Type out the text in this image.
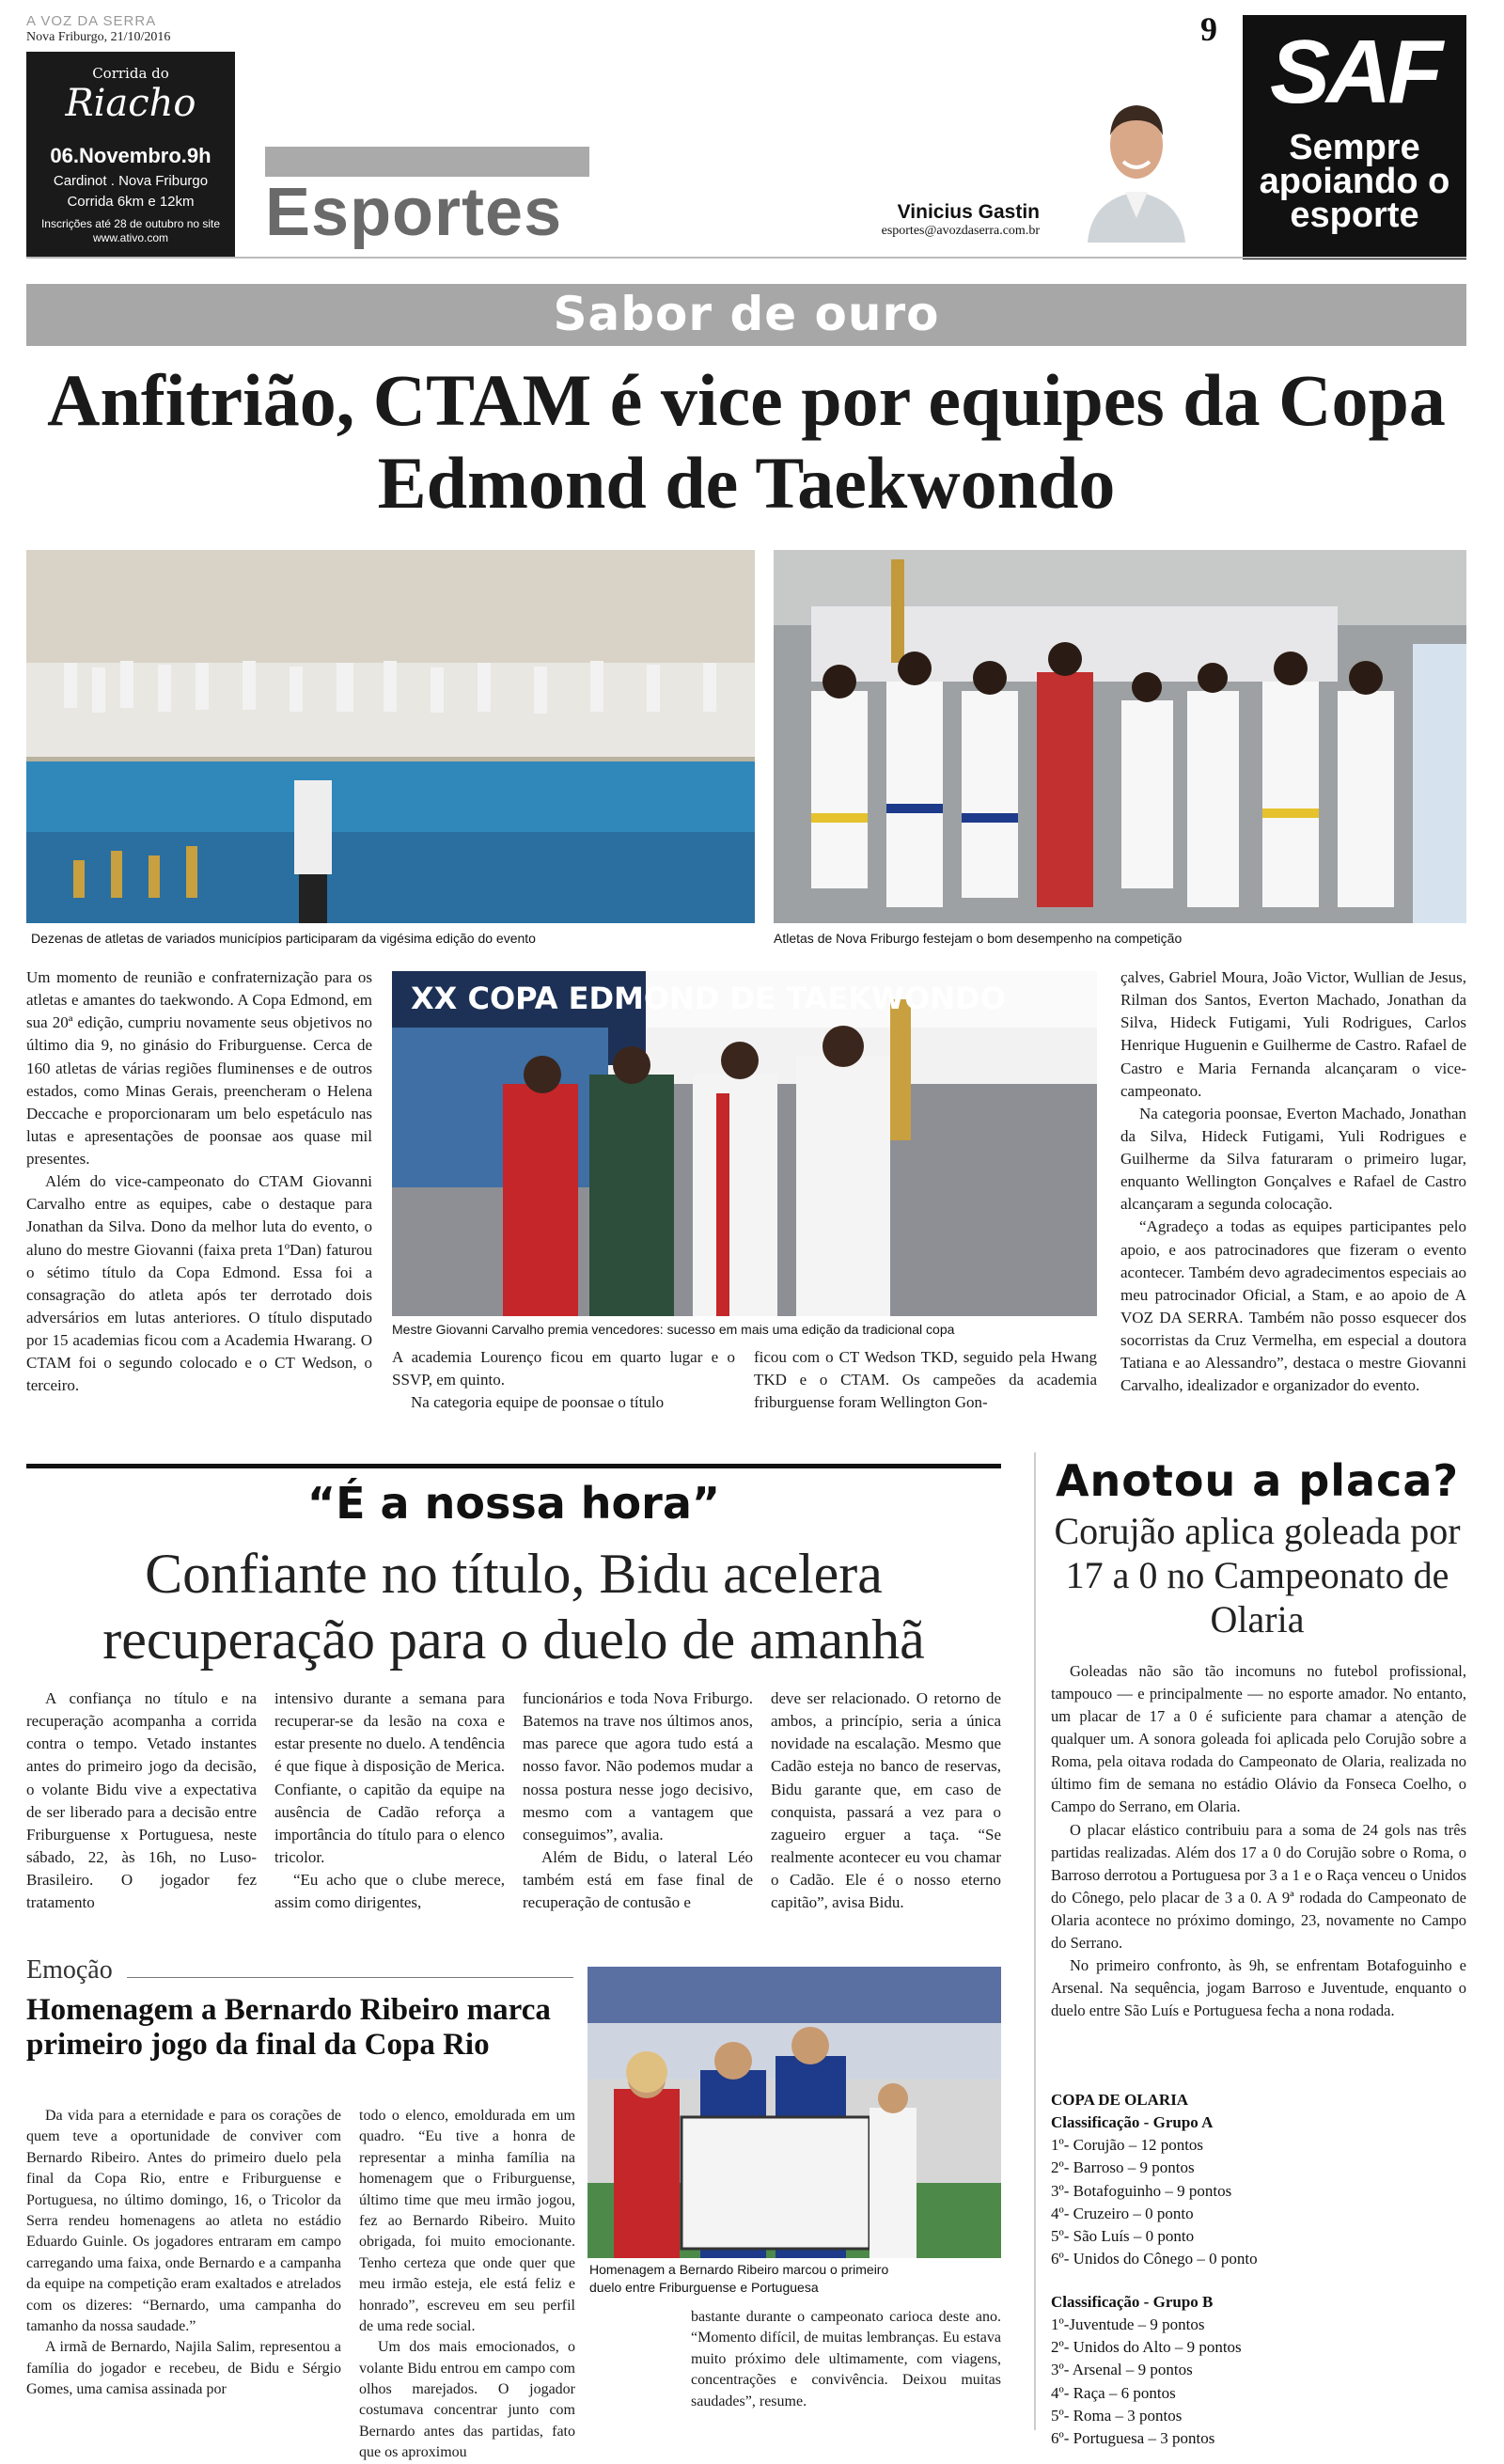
A VOZ DA SERRA
Nova Friburgo, 21/10/2016	9
Corrida do
Riacho
06.Novembro.9h
Cardinot . Nova Friburgo
Corrida 6km e 12km
Inscrições até 28 de outubro no site www.ativo.com	Esportes	Vinicius Gastin
esportes@avozdaserra.com.br
SAF
Sempre apoiando o esporte
Sabor de ouro
Anfitrião, CTAM é vice por equipes da Copa Edmond de Taekwondo
Dezenas de atletas de variados municípios participaram da vigésima edição do evento	Atletas de Nova Friburgo festejam o bom desempenho na competição

Um momento de reunião e confraternização para os atletas e amantes do taekwondo. A Copa Edmond, em sua 20ª edição, cumpriu novamente seus objetivos no último dia 9, no ginásio do Friburguense. Cerca de 160 atletas de várias regiões fluminenses e de outros estados, como Minas Gerais, preencheram o Helena Deccache e proporcionaram um belo espetáculo nas lutas e apresentações de poonsae aos quase mil presentes.

Além do vice-campeonato do CTAM Giovanni Carvalho entre as equipes, cabe o destaque para Jonathan da Silva. Dono da melhor luta do evento, o aluno do mestre Giovanni (faixa preta 1ºDan) faturou o sétimo título da Copa Edmond. Essa foi a consagração do atleta após ter derrotado dois adversários em lutas anteriores. O título disputado por 15 academias ficou com a Academia Hwarang. O CTAM foi o segundo colocado e o CT Wedson, o terceiro.

XX COPA EDMOND DE TAEKWONDO
Mestre Giovanni Carvalho premia vencedores: sucesso em mais uma edição da tradicional copa

A academia Lourenço ficou em quarto lugar e o SSVP, em quinto.

Na categoria equipe de poonsae o título

ficou com o CT Wedson TKD, seguido pela Hwang TKD e o CTAM. Os campeões da academia friburguense foram Wellington Gon-

çalves, Gabriel Moura, João Victor, Wullian de Jesus, Rilman dos Santos, Everton Machado, Jonathan da Silva, Hideck Futigami, Yuli Rodrigues, Carlos Henrique Huguenin e Guilherme de Castro. Rafael de Castro e Maria Fernanda alcançaram o vice-campeonato.

Na categoria poonsae, Everton Machado, Jonathan da Silva, Hideck Futigami, Yuli Rodrigues e Guilherme da Silva faturaram o primeiro lugar, enquanto Wellington Gonçalves e Rafael de Castro alcançaram a segunda colocação.

“Agradeço a todas as equipes participantes pelo apoio, e aos patrocinadores que fizeram o evento acontecer. Também devo agradecimentos especiais ao meu patrocinador Oficial, a Stam, e ao apoio de A VOZ DA SERRA. Também não posso esquecer dos socorristas da Cruz Vermelha, em especial a doutora Tatiana e ao Alessandro”, destaca o mestre Giovanni Carvalho, idealizador e organizador do evento.

“É a nossa hora”
Confiante no título, Bidu acelera recuperação para o duelo de amanhã

A confiança no título e na recuperação acompanha a corrida contra o tempo. Vetado instantes antes do primeiro jogo da decisão, o volante Bidu vive a expectativa de ser liberado para a decisão entre Friburguense x Portuguesa, neste sábado, 22, às 16h, no Luso-Brasileiro. O jogador fez tratamento

intensivo durante a semana para recuperar-se da lesão na coxa e estar presente no duelo. A tendência é que fique à disposição de Merica. Confiante, o capitão da equipe na ausência de Cadão reforça a importância do título para o elenco tricolor.

“Eu acho que o clube merece, assim como dirigentes,

funcionários e toda Nova Friburgo. Batemos na trave nos últimos anos, mas parece que agora tudo está a nosso favor. Não podemos mudar a nossa postura nesse jogo decisivo, mesmo com a vantagem que conseguimos”, avalia.

Além de Bidu, o lateral Léo também está em fase final de recuperação de contusão e

deve ser relacionado. O retorno de ambos, a princípio, seria a única novidade na escalação. Mesmo que Cadão esteja no banco de reservas, Bidu garante que, em caso de conquista, passará a vez para o zagueiro erguer a taça. “Se realmente acontecer eu vou chamar o Cadão. Ele é o nosso eterno capitão”, avisa Bidu.

Emoção
Homenagem a Bernardo Ribeiro marca primeiro jogo da final da Copa Rio

Da vida para a eternidade e para os corações de quem teve a oportunidade de conviver com Bernardo Ribeiro. Antes do primeiro duelo pela final da Copa Rio, entre e Friburguense e Portuguesa, no último domingo, 16, o Tricolor da Serra rendeu homenagens ao atleta no estádio Eduardo Guinle. Os jogadores entraram em campo carregando uma faixa, onde Bernardo e a campanha da equipe na competição eram exaltados e atrelados com os dizeres: “Bernardo, uma campanha do tamanho da nossa saudade.”

A irmã de Bernardo, Najila Salim, representou a família do jogador e recebeu, de Bidu e Sérgio Gomes, uma camisa assinada por

todo o elenco, emoldurada em um quadro. “Eu tive a honra de representar a minha família na homenagem que o Friburguense, último time que meu irmão jogou, fez ao Bernardo Ribeiro. Muito obrigada, foi muito emocionante. Tenho certeza que onde quer que meu irmão esteja, ele está feliz e honrado”, escreveu em seu perfil de uma rede social.

Um dos mais emocionados, o volante Bidu entrou em campo com olhos marejados. O jogador costumava concentrar junto com Bernardo antes das partidas, fato que os aproximou

Homenagem a Bernardo Ribeiro marcou o primeiro duelo entre Friburguense e Portuguesa

bastante durante o campeonato carioca deste ano. “Momento difícil, de muitas lembranças. Eu estava muito próximo dele ultimamente, com viagens, concentrações e convivência. Deixou muitas saudades”, resume.

Anotou a placa?
Corujão aplica goleada por 17 a 0 no Campeonato de Olaria

Goleadas não são tão incomuns no futebol profissional, tampouco — e principalmente — no esporte amador. No entanto, um placar de 17 a 0 é suficiente para chamar a atenção de qualquer um. A sonora goleada foi aplicada pelo Corujão sobre a Roma, pela oitava rodada do Campeonato de Olaria, realizada no último fim de semana no estádio Olávio da Fonseca Coelho, o Campo do Serrano, em Olaria.

O placar elástico contribuiu para a soma de 24 gols nas três partidas realizadas. Além dos 17 a 0 do Corujão sobre o Roma, o Barroso derrotou a Portuguesa por 3 a 1 e o Raça venceu o Unidos do Cônego, pelo placar de 3 a 0. A 9ª rodada do Campeonato de Olaria acontece no próximo domingo, 23, novamente no Campo do Serrano.

No primeiro confronto, às 9h, se enfrentam Botafoguinho e Arsenal. Na sequência, jogam Barroso e Juventude, enquanto o duelo entre São Luís e Portuguesa fecha a nona rodada.

COPA DE OLARIA
Classificação - Grupo A
1º- Corujão – 12 pontos
2º- Barroso – 9 pontos
3º- Botafoguinho – 9 pontos
4º- Cruzeiro – 0 ponto
5º- São Luís – 0 ponto
6º- Unidos do Cônego – 0 ponto
Classificação - Grupo B
1º-Juventude – 9 pontos
2º- Unidos do Alto – 9 pontos
3º- Arsenal – 9 pontos
4º- Raça – 6 pontos
5º- Roma – 3 pontos
6º- Portuguesa – 3 pontos
